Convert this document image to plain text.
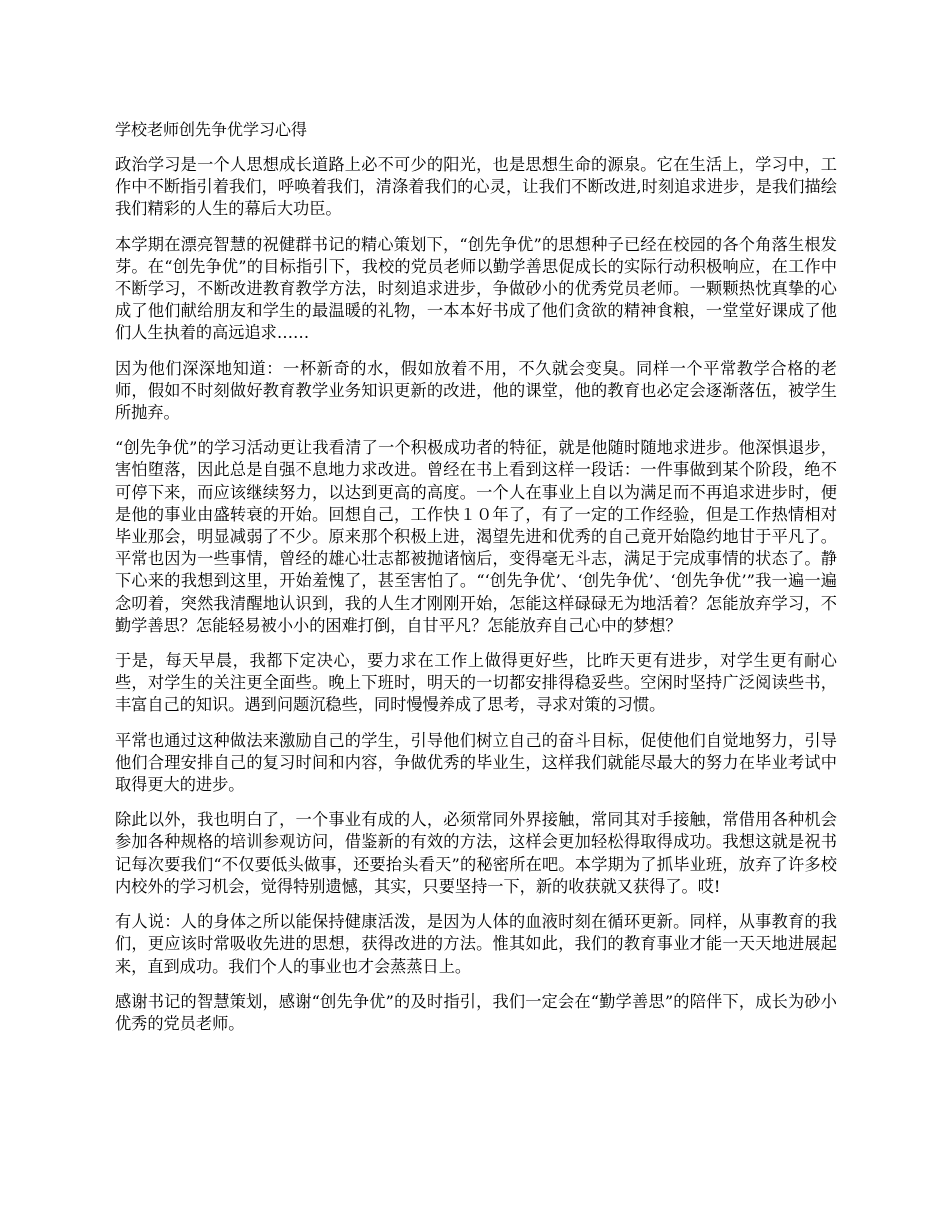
学校老师创先争优学习心得

政治学习是一个人思想成长道路上必不可少的阳光，也是思想生命的源泉。它在生活上，学习中，工作中不断指引着我们，呼唤着我们，清涤着我们的心灵，让我们不断改进,时刻追求进步，是我们描绘我们精彩的人生的幕后大功臣。

本学期在漂亮智慧的祝健群书记的精心策划下，“创先争优”的思想种子已经在校园的各个角落生根发芽。在“创先争优”的目标指引下，我校的党员老师以勤学善思促成长的实际行动积极响应，在工作中不断学习，不断改进教育教学方法，时刻追求进步，争做砂小的优秀党员老师。一颗颗热忱真挚的心成了他们献给朋友和学生的最温暖的礼物，一本本好书成了他们贪欲的精神食粮，一堂堂好课成了他们人生执着的高远追求……

因为他们深深地知道：一杯新奇的水，假如放着不用，不久就会变臭。同样一个平常教学合格的老师，假如不时刻做好教育教学业务知识更新的改进，他的课堂，他的教育也必定会逐渐落伍，被学生所抛弃。

“创先争优”的学习活动更让我看清了一个积极成功者的特征，就是他随时随地求进步。他深惧退步，害怕堕落，因此总是自强不息地力求改进。曾经在书上看到这样一段话：一件事做到某个阶段，绝不可停下来，而应该继续努力，以达到更高的高度。一个人在事业上自以为满足而不再追求进步时，便是他的事业由盛转衰的开始。回想自己，工作快１０年了，有了一定的工作经验，但是工作热情相对毕业那会，明显减弱了不少。原来那个积极上进，渴望先进和优秀的自己竟开始隐约地甘于平凡了。平常也因为一些事情，曾经的雄心壮志都被抛诸恼后，变得毫无斗志，满足于完成事情的状态了。静下心来的我想到这里，开始羞愧了，甚至害怕了。“‘创先争优’、‘创先争优’、‘创先争优’”我一遍一遍念叨着，突然我清醒地认识到，我的人生才刚刚开始，怎能这样碌碌无为地活着？怎能放弃学习，不勤学善思？怎能轻易被小小的困难打倒，自甘平凡？怎能放弃自己心中的梦想？

于是，每天早晨，我都下定决心，要力求在工作上做得更好些，比昨天更有进步，对学生更有耐心些，对学生的关注更全面些。晚上下班时，明天的一切都安排得稳妥些。空闲时坚持广泛阅读些书，丰富自己的知识。遇到问题沉稳些，同时慢慢养成了思考，寻求对策的习惯。

平常也通过这种做法来激励自己的学生，引导他们树立自己的奋斗目标，促使他们自觉地努力，引导他们合理安排自己的复习时间和内容，争做优秀的毕业生，这样我们就能尽最大的努力在毕业考试中取得更大的进步。

除此以外，我也明白了，一个事业有成的人，必须常同外界接触，常同其对手接触，常借用各种机会参加各种规格的培训参观访问，借鉴新的有效的方法，这样会更加轻松得取得成功。我想这就是祝书记每次要我们“不仅要低头做事，还要抬头看天”的秘密所在吧。本学期为了抓毕业班，放弃了许多校内校外的学习机会，觉得特别遗憾，其实，只要坚持一下，新的收获就又获得了。哎!

有人说：人的身体之所以能保持健康活泼，是因为人体的血液时刻在循环更新。同样，从事教育的我们，更应该时常吸收先进的思想，获得改进的方法。惟其如此，我们的教育事业才能一天天地进展起来，直到成功。我们个人的事业也才会蒸蒸日上。

感谢书记的智慧策划，感谢“创先争优”的及时指引，我们一定会在“勤学善思”的陪伴下，成长为砂小优秀的党员老师。
